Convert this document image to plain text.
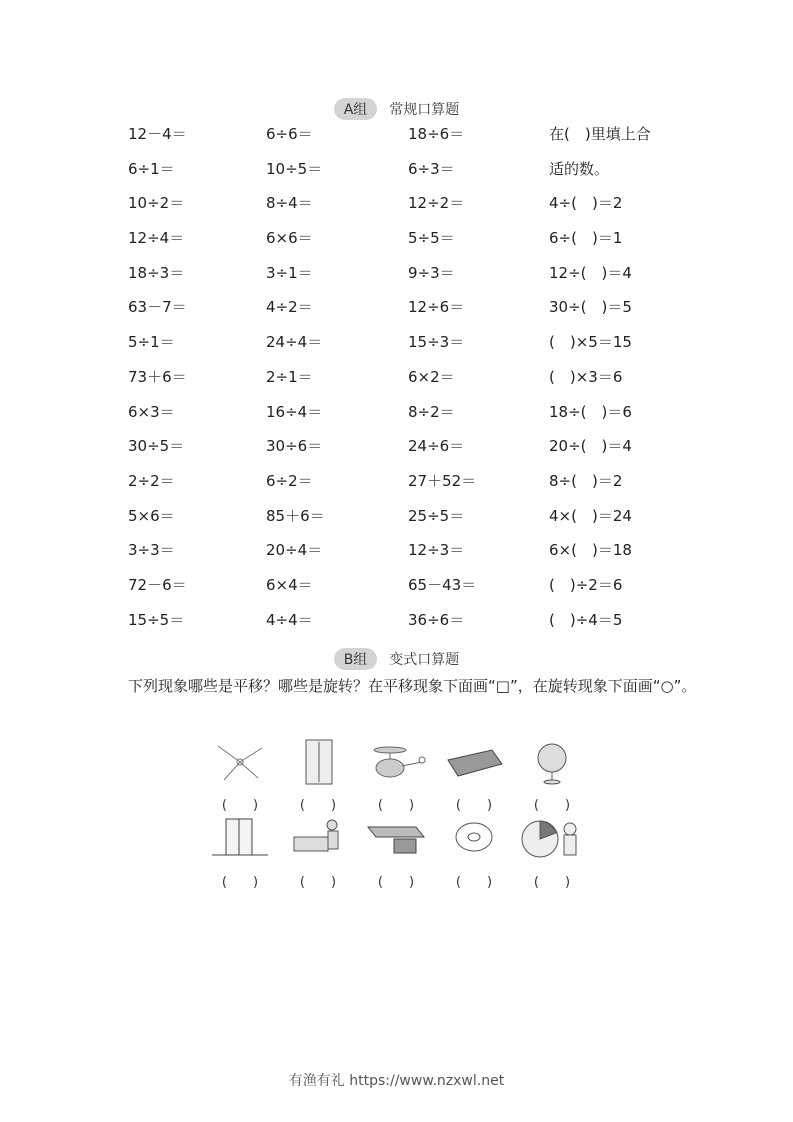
A组 常规口算题
12－4＝	6÷6＝	18÷6＝	在(　)里填上合
6÷1＝	10÷5＝	6÷3＝	适的数。
10÷2＝	8÷4＝	12÷2＝	4÷(　)＝2
12÷4＝	6×6＝	5÷5＝	6÷(　)＝1
18÷3＝	3÷1＝	9÷3＝	12÷(　)＝4
63－7＝	4÷2＝	12÷6＝	30÷(　)＝5
5÷1＝	24÷4＝	15÷3＝	(　)×5＝15
73＋6＝	2÷1＝	6×2＝	(　)×3＝6
6×3＝	16÷4＝	8÷2＝	18÷(　)＝6
30÷5＝	30÷6＝	24÷6＝	20÷(　)＝4
2÷2＝	6÷2＝	27＋52＝	8÷(　)＝2
5×6＝	85＋6＝	25÷5＝	4×(　)＝24
3÷3＝	20÷4＝	12÷3＝	6×(　)＝18
72－6＝	6×4＝	65－43＝	(　)÷2＝6
15÷5＝	4÷4＝	36÷6＝	(　)÷4＝5
B组 变式口算题
下列现象哪些是平移？哪些是旋转？在平移现象下面画“□”，在旋转现象下面画“○”。
(　　)	(　　)	(　　)	(　　)	(　　)
(　　)	(　　)	(　　)	(　　)	(　　)
有渔有礼 https://www.nzxwl.net
